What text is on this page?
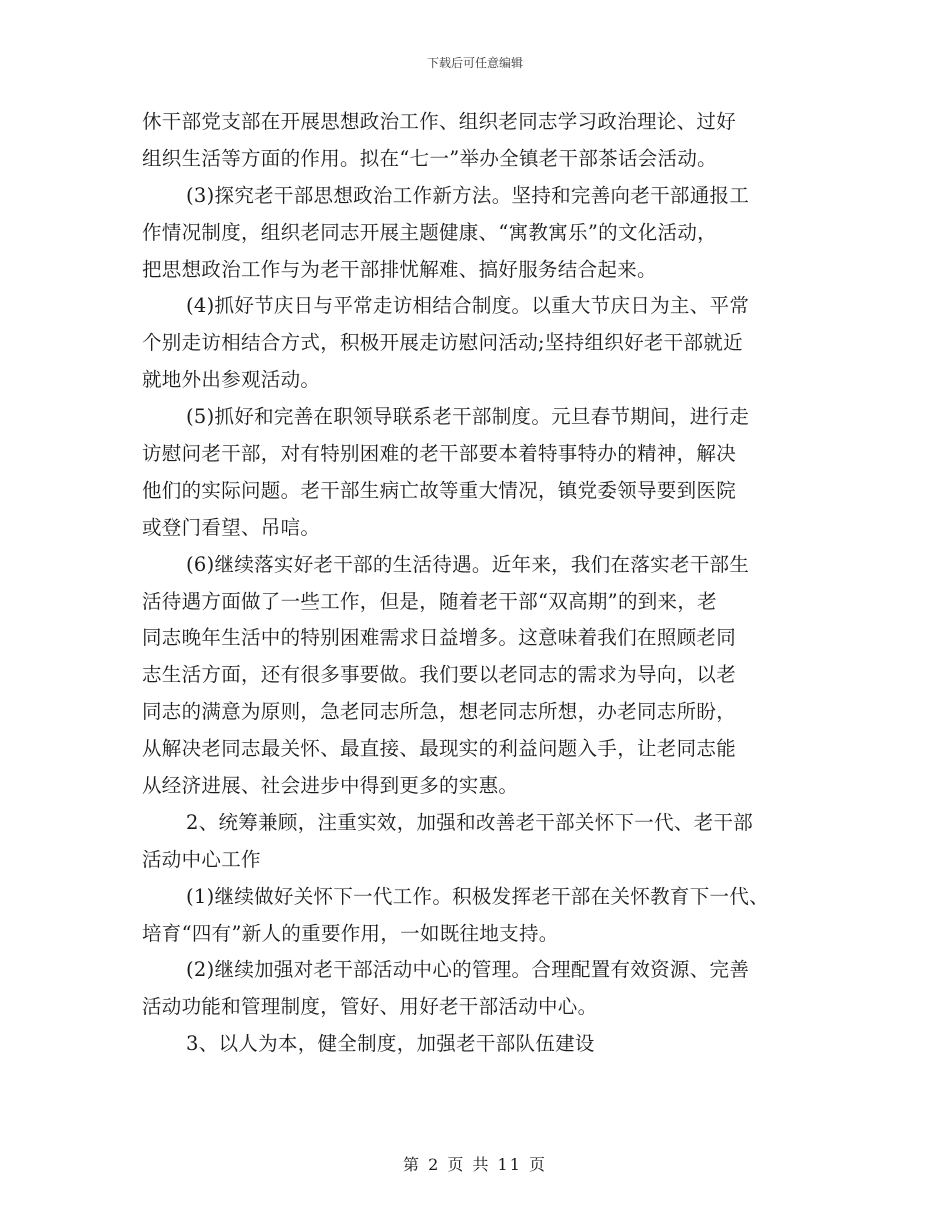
下载后可任意编辑
休干部党支部在开展思想政治工作、组织老同志学习政治理论、过好
组织生活等方面的作用。拟在“七一”举办全镇老干部茶话会活动。
(3)探究老干部思想政治工作新方法。坚持和完善向老干部通报工
作情况制度，组织老同志开展主题健康、“寓教寓乐”的文化活动，
把思想政治工作与为老干部排忧解难、搞好服务结合起来。
(4)抓好节庆日与平常走访相结合制度。以重大节庆日为主、平常
个别走访相结合方式，积极开展走访慰问活动;坚持组织好老干部就近
就地外出参观活动。
(5)抓好和完善在职领导联系老干部制度。元旦春节期间，进行走
访慰问老干部，对有特别困难的老干部要本着特事特办的精神，解决
他们的实际问题。老干部生病亡故等重大情况，镇党委领导要到医院
或登门看望、吊唁。
(6)继续落实好老干部的生活待遇。近年来，我们在落实老干部生
活待遇方面做了一些工作，但是，随着老干部“双高期”的到来，老
同志晚年生活中的特别困难需求日益增多。这意味着我们在照顾老同
志生活方面，还有很多事要做。我们要以老同志的需求为导向，以老
同志的满意为原则，急老同志所急，想老同志所想，办老同志所盼，
从解决老同志最关怀、最直接、最现实的利益问题入手，让老同志能
从经济进展、社会进步中得到更多的实惠。
2、统筹兼顾，注重实效，加强和改善老干部关怀下一代、老干部
活动中心工作
(1)继续做好关怀下一代工作。积极发挥老干部在关怀教育下一代、
培育“四有”新人的重要作用，一如既往地支持。
(2)继续加强对老干部活动中心的管理。合理配置有效资源、完善
活动功能和管理制度，管好、用好老干部活动中心。
3、以人为本，健全制度，加强老干部队伍建设
第 2 页 共 11 页
